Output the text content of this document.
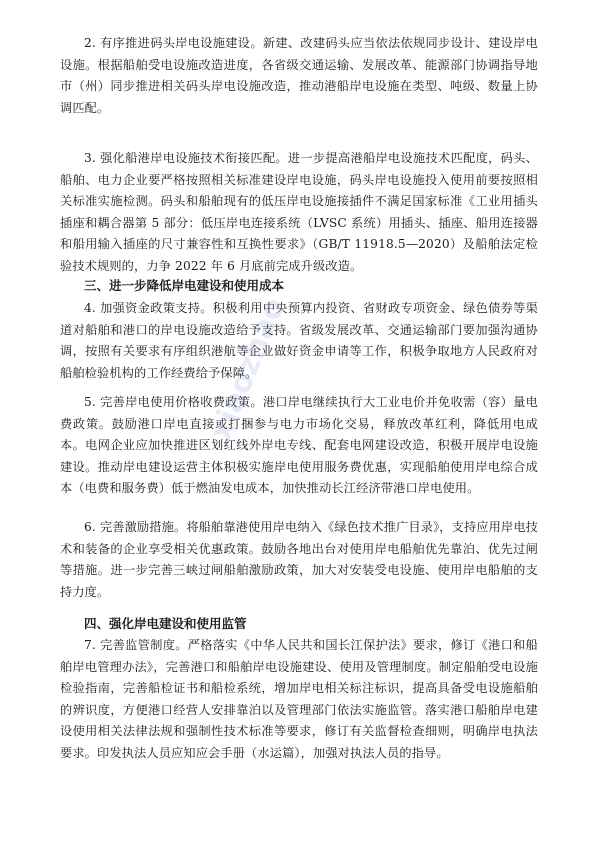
2. 有序推进码头岸电设施建设。新建、改建码头应当依法依规同步设计、建设岸电设施。根据船舶受电设施改造进度，各省级交通运输、发展改革、能源部门协调指导地市（州）同步推进相关码头岸电设施改造，推动港船岸电设施在类型、吨级、数量上协调匹配。

3. 强化船港岸电设施技术衔接匹配。进一步提高港船岸电设施技术匹配度，码头、船舶、电力企业要严格按照相关标准建设岸电设施，码头岸电设施投入使用前要按照相关标准实施检测。码头和船舶现有的低压岸电设施接插件不满足国家标准《工业用插头插座和耦合器第 5 部分：低压岸电连接系统（LVSC 系统）用插头、插座、船用连接器和船用输入插座的尺寸兼容性和互换性要求》（GB/T 11918.5—2020）及船舶法定检验技术规则的，力争 2022 年 6 月底前完成升级改造。

三、进一步降低岸电建设和使用成本

4. 加强资金政策支持。积极利用中央预算内投资、省财政专项资金、绿色债券等渠道对船舶和港口的岸电设施改造给予支持。省级发展改革、交通运输部门要加强沟通协调，按照有关要求有序组织港航等企业做好资金申请等工作，积极争取地方人民政府对船舶检验机构的工作经费给予保障。

5. 完善岸电使用价格收费政策。港口岸电继续执行大工业电价并免收需（容）量电费政策。鼓励港口岸电直接或打捆参与电力市场化交易，释放改革红利，降低用电成本。电网企业应加快推进区划红线外岸电专线、配套电网建设改造，积极开展岸电设施建设。推动岸电建设运营主体积极实施岸电使用服务费优惠，实现船舶使用岸电综合成本（电费和服务费）低于燃油发电成本，加快推动长江经济带港口岸电使用。

6. 完善激励措施。将船舶靠港使用岸电纳入《绿色技术推广目录》，支持应用岸电技术和装备的企业享受相关优惠政策。鼓励各地出台对使用岸电船舶优先靠泊、优先过闸等措施。进一步完善三峡过闸船舶激励政策，加大对安装受电设施、使用岸电船舶的支持力度。

四、强化岸电建设和使用监管

7. 完善监管制度。严格落实《中华人民共和国长江保护法》要求，修订《港口和船舶岸电管理办法》，完善港口和船舶岸电设施建设、使用及管理制度。制定船舶受电设施检验指南，完善船检证书和船检系统，增加岸电相关标注标识，提高具备受电设施船舶的辨识度，方便港口经营人安排靠泊以及管理部门依法实施监管。落实港口船舶岸电建设使用相关法律法规和强制性技术标准等要求，修订有关监督检查细则，明确岸电执法要求。印发执法人员应知应会手册（水运篇），加强对执法人员的指导。

xiaozhao
